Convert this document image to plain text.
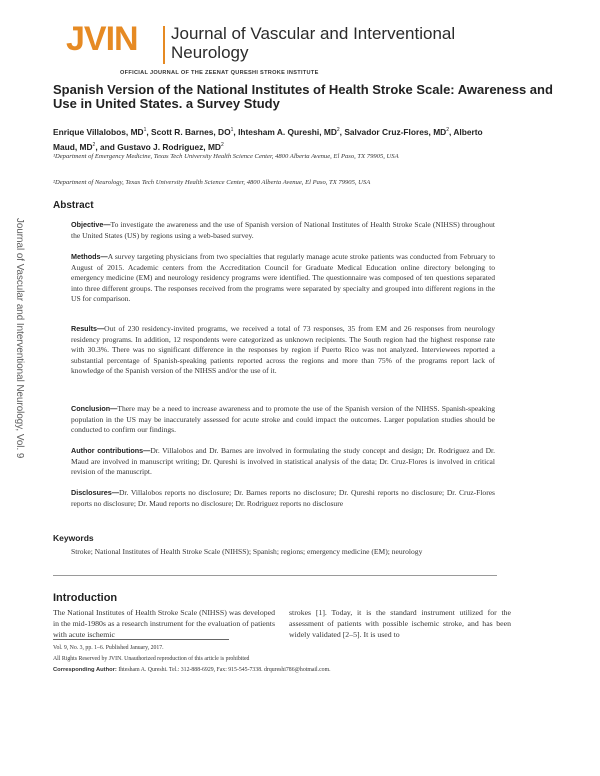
JVIN Journal of Vascular and Interventional Neurology
OFFICIAL JOURNAL OF THE ZEENAT QURESHI STROKE INSTITUTE
Journal of Vascular and Interventional Neurology, Vol. 9
Spanish Version of the National Institutes of Health Stroke Scale: Awareness and Use in United States. a Survey Study
Enrique Villalobos, $MD^1$, Scott R. Barnes, $DO^1$, Ihtesham A. Qureshi, $MD^2$, Salvador Cruz-Flores, $MD^2$, Alberto Maud, $MD^2$, and Gustavo J. Rodriguez, $MD^2$
¹Department of Emergency Medicine, Texas Tech University Health Science Center, 4800 Alberta Avenue, El Paso, TX 79905, USA
²Department of Neurology, Texas Tech University Health Science Center, 4800 Alberta Avenue, El Paso, TX 79905, USA
Abstract

Objective—To investigate the awareness and the use of Spanish version of National Institutes of Health Stroke Scale (NIHSS) throughout the United States (US) by regions using a web-based survey.

Methods—A survey targeting physicians from two specialties that regularly manage acute stroke patients was conducted from February to August of 2015. Academic centers from the Accreditation Council for Graduate Medical Education online directory belonging to emergency medicine (EM) and neurology residency programs were identified. The questionnaire was composed of ten questions separated into three different groups. The responses received from the programs were separated by specialty and grouped into different regions in the US for comparison.

Results—Out of 230 residency-invited programs, we received a total of 73 responses, 35 from EM and 26 responses from neurology residency programs. In addition, 12 respondents were categorized as unknown recipients. The South region had the highest response rate with 30.3%. There was no significant difference in the responses by region if Puerto Rico was not analyzed. Interviewees reported a substantial percentage of Spanish-speaking patients reported across the regions and more than 75% of the programs report lack of knowledge of the Spanish version of the NIHSS and/or the use of it.

Conclusion—There may be a need to increase awareness and to promote the use of the Spanish version of the NIHSS. Spanish-speaking population in the US may be inaccurately assessed for acute stroke and could impact the outcomes. Larger population studies should be conducted to confirm our findings.

Author contributions—Dr. Villalobos and Dr. Barnes are involved in formulating the study concept and design; Dr. Rodriguez and Dr. Maud are involved in manuscript writing; Dr. Qureshi is involved in statistical analysis of the data; Dr. Cruz-Flores is involved in critical revision of the manuscript.

Disclosures—Dr. Villalobos reports no disclosure; Dr. Barnes reports no disclosure; Dr. Qureshi reports no disclosure; Dr. Cruz-Flores reports no disclosure; Dr. Maud reports no disclosure; Dr. Rodriguez reports no disclosure

Keywords

Stroke; National Institutes of Health Stroke Scale (NIHSS); Spanish; regions; emergency medicine (EM); neurology

Introduction

The National Institutes of Health Stroke Scale (NIHSS) was developed in the mid-1980s as a research instrument for the evaluation of patients with acute ischemic

strokes [1]. Today, it is the standard instrument utilized for the assessment of patients with possible ischemic stroke, and has been widely validated [2–5]. It is used to

Vol. 9, No. 3, pp. 1–6. Published January, 2017.
All Rights Reserved by JVIN. Unauthorized reproduction of this article is prohibited
Corresponding Author: Ihtesham A. Qureshi. Tel.: 312-888-6929, Fax: 915-545-7338. drqureshi786@hotmail.com.
